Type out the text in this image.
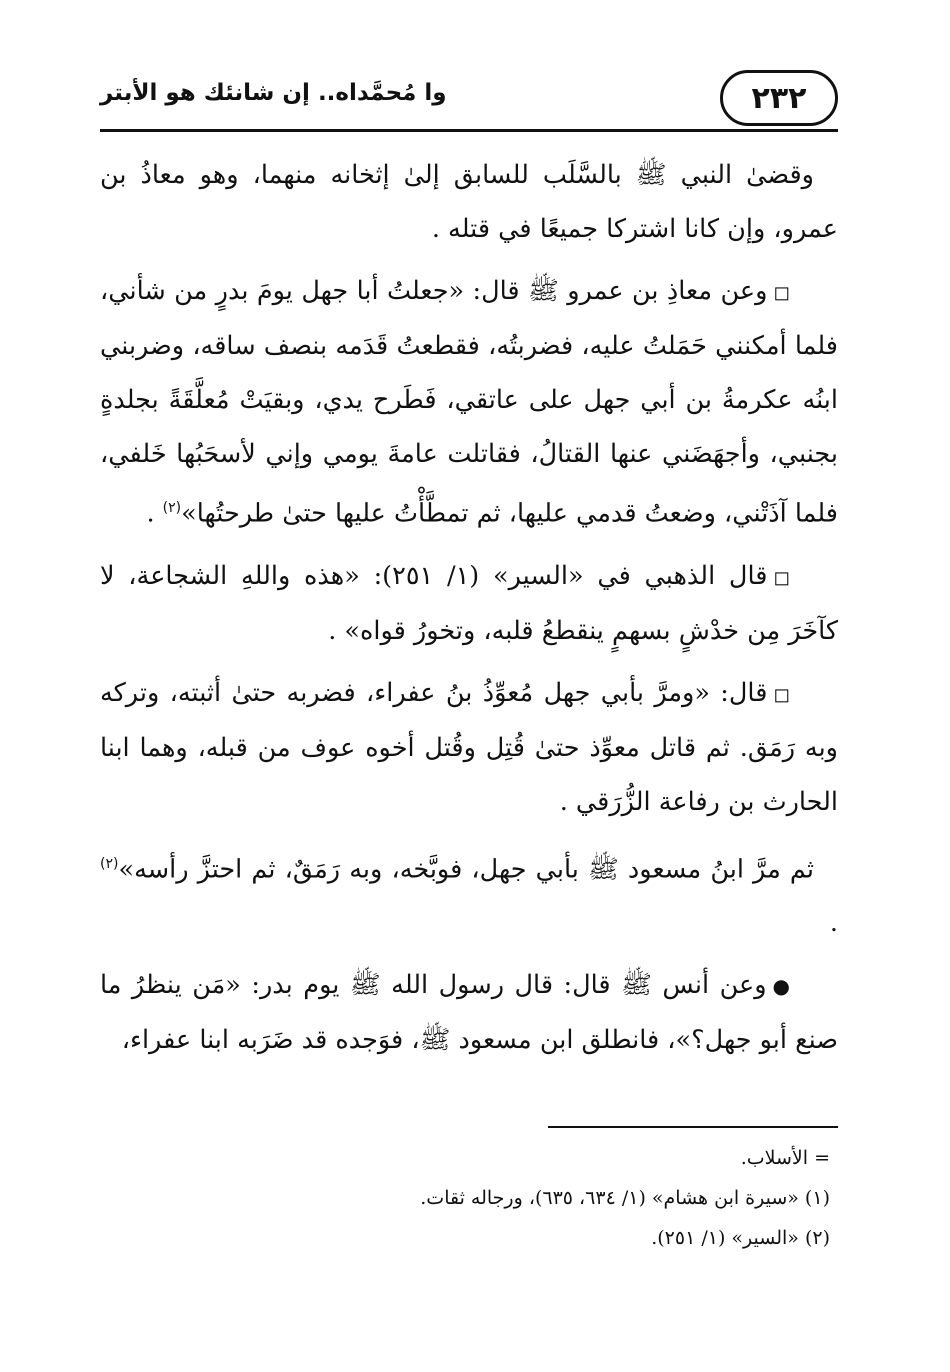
٢٣٢
وا مُحمَّداه.. إن شانئك هو الأبتر

وقضىٰ النبي ﷺ بالسَّلَب للسابق إلىٰ إثخانه منهما، وهو معاذُ بن عمرو، وإن كانا اشتركا جميعًا في قتله .

◻وعن معاذِ بن عمرو ﷺ قال: «جعلتُ أبا جهل يومَ بدرٍ من شأني، فلما أمكنني حَمَلتُ عليه، فضربتُه، فقطعتُ قَدَمه بنصف ساقه، وضربني ابنُه عكرمةُ بن أبي جهل على عاتقي، فَطَرح يدي، وبقيَتْ مُعلَّقَةً بجلدةٍ بجنبي، وأجهَضَني عنها القتالُ، فقاتلت عامةَ يومي وإني لأسحَبُها خَلفي، فلما آذَتْني، وضعتُ قدمي عليها، ثم تمطَّأْتُ عليها حتىٰ طرحتُها»$^{(٢)}$ .

◻قال الذهبي في «السير» (١/ ٢٥١): «هذه واللهِ الشجاعة، لا كآخَرَ مِن خدْشٍ بسهمٍ ينقطعُ قلبه، وتخورُ قواه» .

◻قال: «ومرَّ بأبي جهل مُعوِّذُ بنُ عفراء، فضربه حتىٰ أثبته، وتركه وبه رَمَق. ثم قاتل معوِّذ حتىٰ قُتِل وقُتل أخوه عوف من قبله، وهما ابنا الحارث بن رفاعة الزُّرَقي .

ثم مرَّ ابنُ مسعود ﷺ بأبي جهل، فوبَّخه، وبه رَمَقٌ، ثم احتزَّ رأسه»$^{(٢)}$ .

●وعن أنس ﷺ قال: قال رسول الله ﷺ يوم بدر: «مَن ينظرُ ما صنع أبو جهل؟»، فانطلق ابن مسعود ﷺ، فوَجده قد ضَرَبه ابنا عفراء،

= الأسلاب.

(١) «سيرة ابن هشام» (١/ ٦٣٤، ٦٣٥)، ورجاله ثقات.

(٢) «السير» (١/ ٢٥١).
